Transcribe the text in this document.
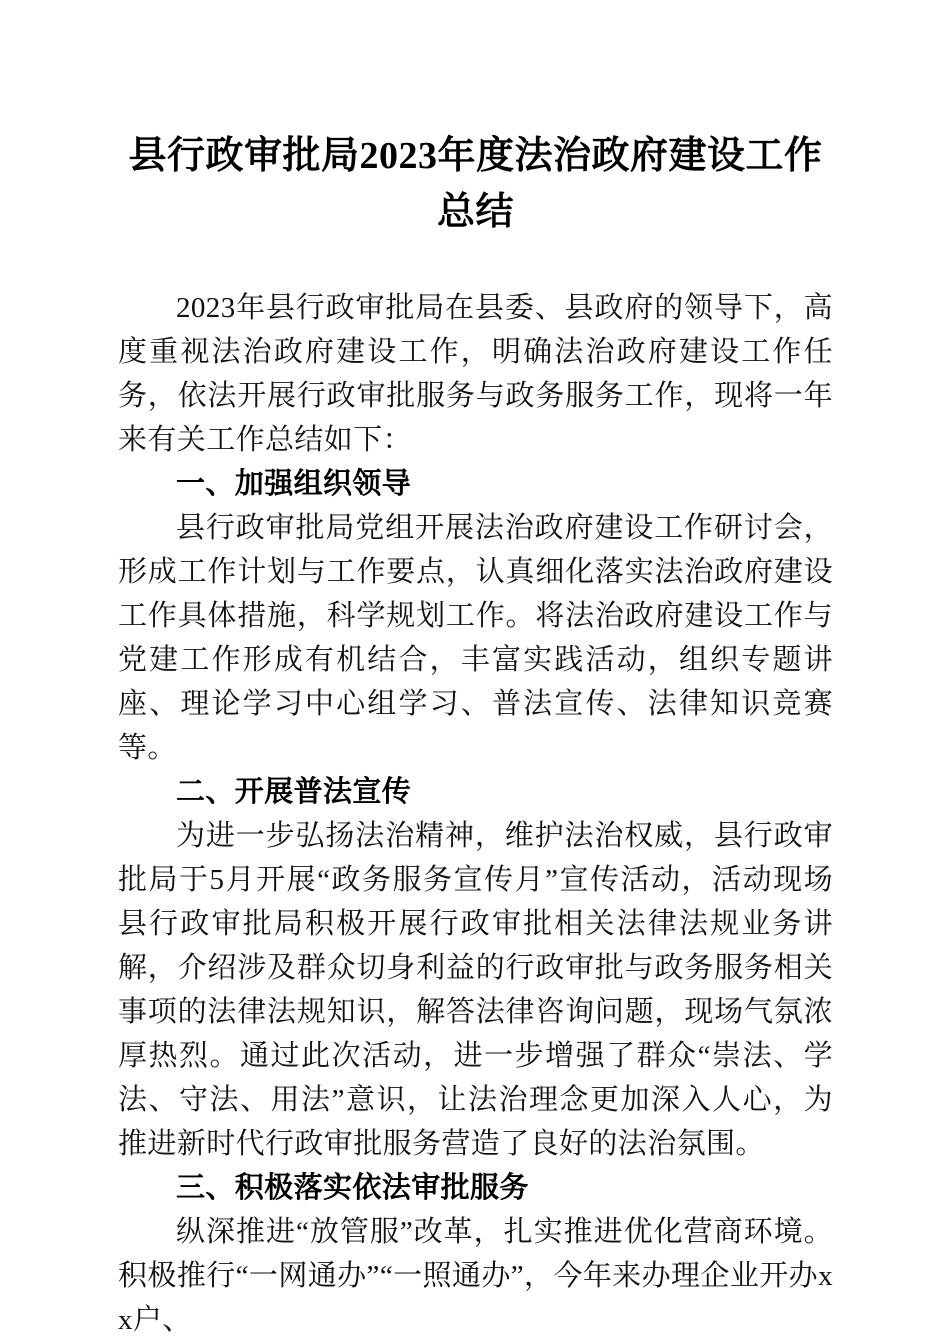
县行政审批局2023年度法治政府建设工作总结

2023年县行政审批局在县委、县政府的领导下，高度重视法治政府建设工作，明确法治政府建设工作任务，依法开展行政审批服务与政务服务工作，现将一年来有关工作总结如下：

一、加强组织领导

县行政审批局党组开展法治政府建设工作研讨会，形成工作计划与工作要点，认真细化落实法治政府建设工作具体措施，科学规划工作。将法治政府建设工作与党建工作形成有机结合，丰富实践活动，组织专题讲座、理论学习中心组学习、普法宣传、法律知识竞赛等。

二、开展普法宣传

为进一步弘扬法治精神，维护法治权威，县行政审批局于5月开展“政务服务宣传月”宣传活动，活动现场县行政审批局积极开展行政审批相关法律法规业务讲解，介绍涉及群众切身利益的行政审批与政务服务相关事项的法律法规知识，解答法律咨询问题，现场气氛浓厚热烈。通过此次活动，进一步增强了群众“崇法、学法、守法、用法”意识，让法治理念更加深入人心，为推进新时代行政审批服务营造了良好的法治氛围。

三、积极落实依法审批服务

纵深推进“放管服”改革，扎实推进优化营商环境。积极推行“一网通办”“一照通办”，今年来办理企业开办xx户、
